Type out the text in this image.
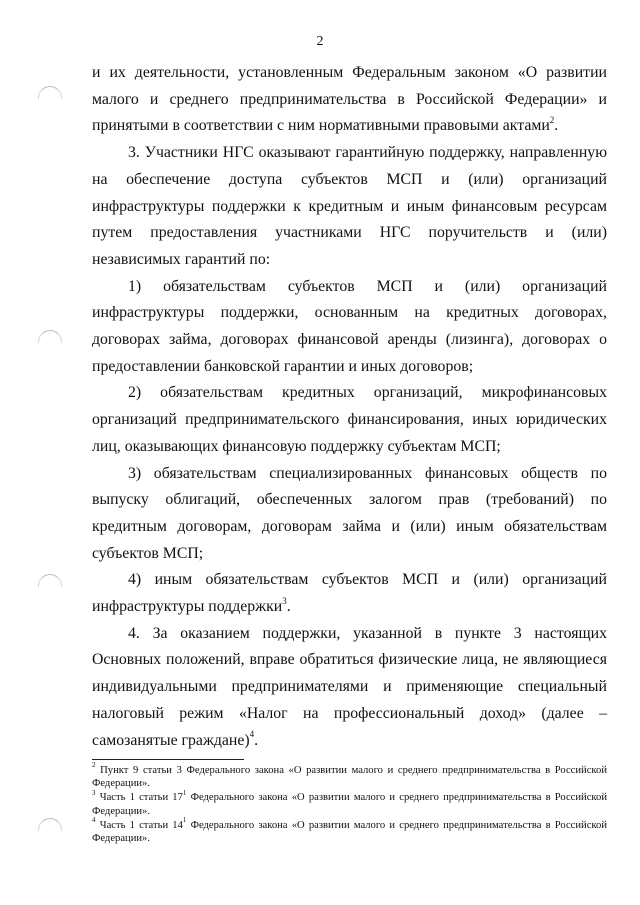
2

и их деятельности, установленным Федеральным законом «О развитии малого и среднего предпринимательства в Российской Федерации» и принятыми в соответствии с ним нормативными правовыми актами$^2$.

3. Участники НГС оказывают гарантийную поддержку, направленную на обеспечение доступа субъектов МСП и (или) организаций инфраструктуры поддержки к кредитным и иным финансовым ресурсам путем предоставления участниками НГС поручительств и (или) независимых гарантий по:

1) обязательствам субъектов МСП и (или) организаций инфраструктуры поддержки, основанным на кредитных договорах, договорах займа, договорах финансовой аренды (лизинга), договорах о предоставлении банковской гарантии и иных договоров;

2) обязательствам кредитных организаций, микрофинансовых организаций предпринимательского финансирования, иных юридических лиц, оказывающих финансовую поддержку субъектам МСП;

3) обязательствам специализированных финансовых обществ по выпуску облигаций, обеспеченных залогом прав (требований) по кредитным договорам, договорам займа и (или) иным обязательствам субъектов МСП;

4) иным обязательствам субъектов МСП и (или) организаций инфраструктуры поддержки$^3$.

4. За оказанием поддержки, указанной в пункте 3 настоящих Основных положений, вправе обратиться физические лица, не являющиеся индивидуальными предпринимателями и применяющие специальный налоговый режим «Налог на профессиональный доход» (далее – самозанятые граждане)$^4$.

$^2$ Пункт 9 статьи 3 Федерального закона «О развитии малого и среднего предпринимательства в Российской Федерации».

$^3$ Часть 1 статьи $17^1$ Федерального закона «О развитии малого и среднего предпринимательства в Российской Федерации».

$^4$ Часть 1 статьи $14^1$ Федерального закона «О развитии малого и среднего предпринимательства в Российской Федерации».
